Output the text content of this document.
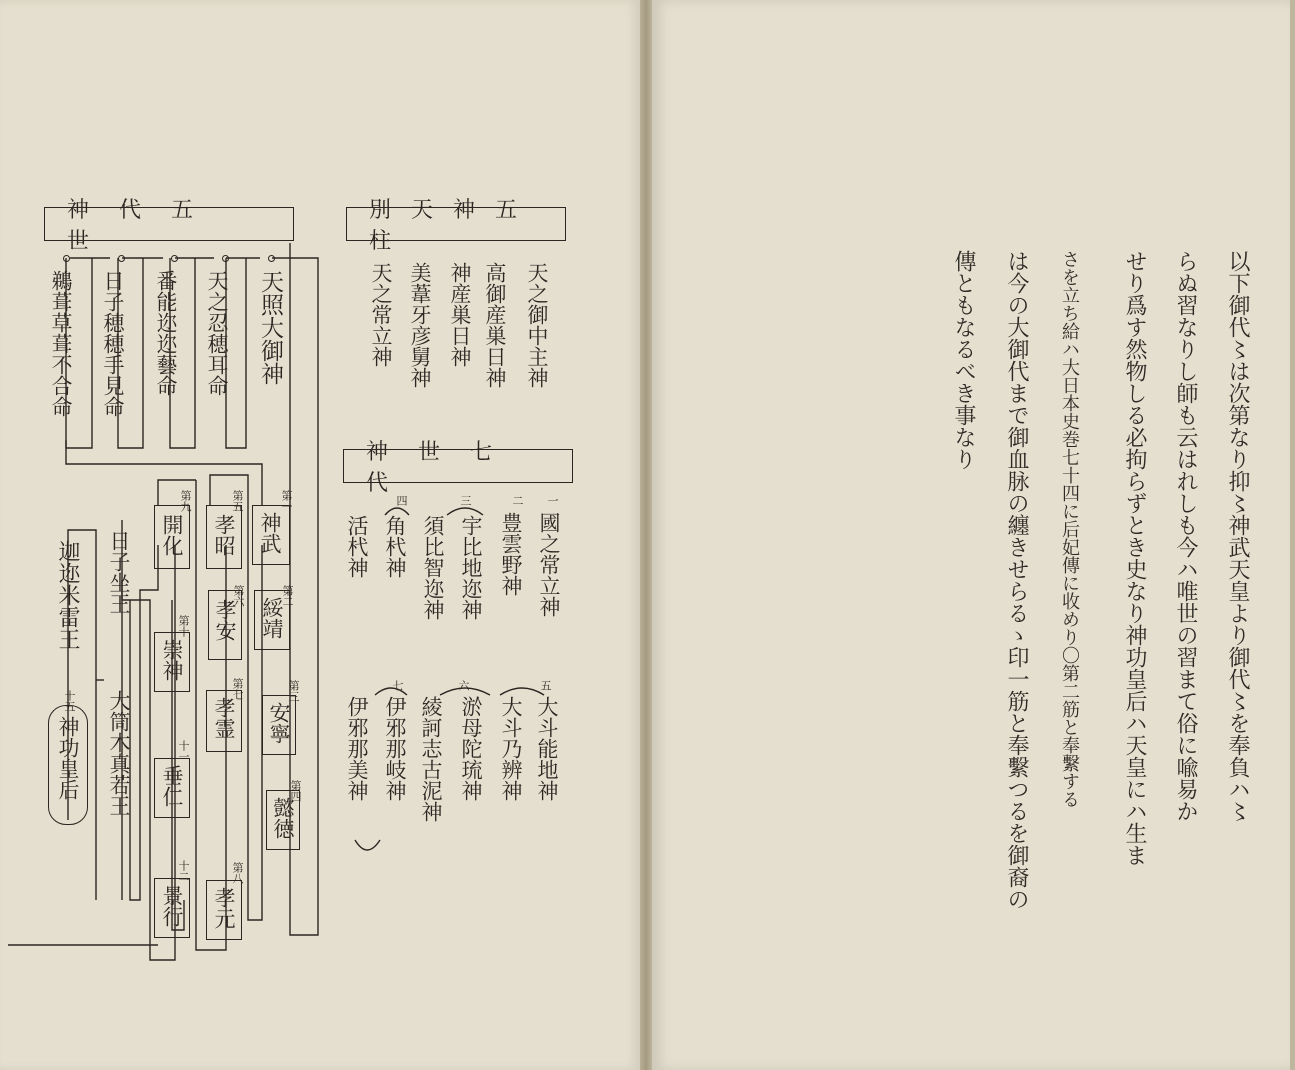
別天神五柱
神代五世
神世七代
天之御中主神
高御産巣日神
神産巣日神
美葦牙彦舅神
天之常立神
一
國之常立神
二
豊雲野神
三
宇比地迩神
須比智迩神
四
角杙神
活杙神
五
大斗能地神
大斗乃辨神
六
淤母陀琉神
綾訶志古泥神
七
伊邪那岐神
伊邪那美神
天照大御神
天之忍穂耳命
番能迩迩藝命
日子穂穂手見命
鵜葺草葺不合命
神武
第一
綏靖
第二
安寧
第三
懿徳
第四
孝昭
第五
孝安
第六
孝霊
第七
孝元
第八
開化
第九
崇神
第十
垂仁
十一
景行
十二
日子坐王
大筒木真若王
迦迩米雷王
神功皇后
十五	以下御代〻は次第なり抑〻神武天皇より御代〻を奉負ハ〻
らぬ習なりし師も云はれしも今ハ唯世の習まて俗に喩易か
せり爲す然物しる必拘らずとき史なり神功皇后ハ天皇にハ生ま
さを立ち給ハ大日本史巻七十四に后妃傳に收めり〇第二筋と奉繫する
は今の大御代まで御血脉の纏きせらるゝ印一筋と奉繫つるを御裔の
傳ともなるべき事なり
